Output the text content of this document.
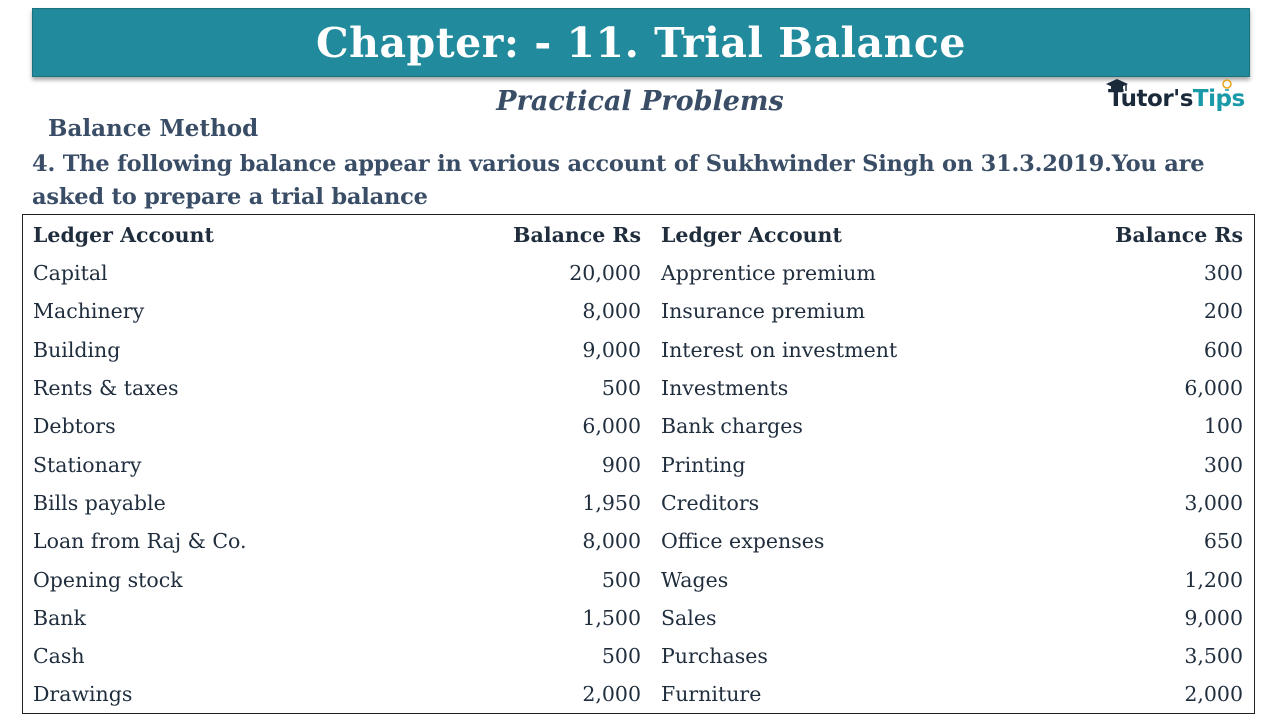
Chapter: - 11. Trial Balance
Practical Problems	Tutor'sTips
Balance Method
4. The following balance appear in various account of Sukhwinder Singh on 31.3.2019.You are asked to prepare a trial balance
Ledger Account	Balance Rs	Ledger Account	Balance Rs
Capital	20,000	Apprentice premium	300
Machinery	8,000	Insurance premium	200
Building	9,000	Interest on investment	600
Rents & taxes	500	Investments	6,000
Debtors	6,000	Bank charges	100
Stationary	900	Printing	300
Bills payable	1,950	Creditors	3,000
Loan from Raj & Co.	8,000	Office expenses	650
Opening stock	500	Wages	1,200
Bank	1,500	Sales	9,000
Cash	500	Purchases	3,500
Drawings	2,000	Furniture	2,000
